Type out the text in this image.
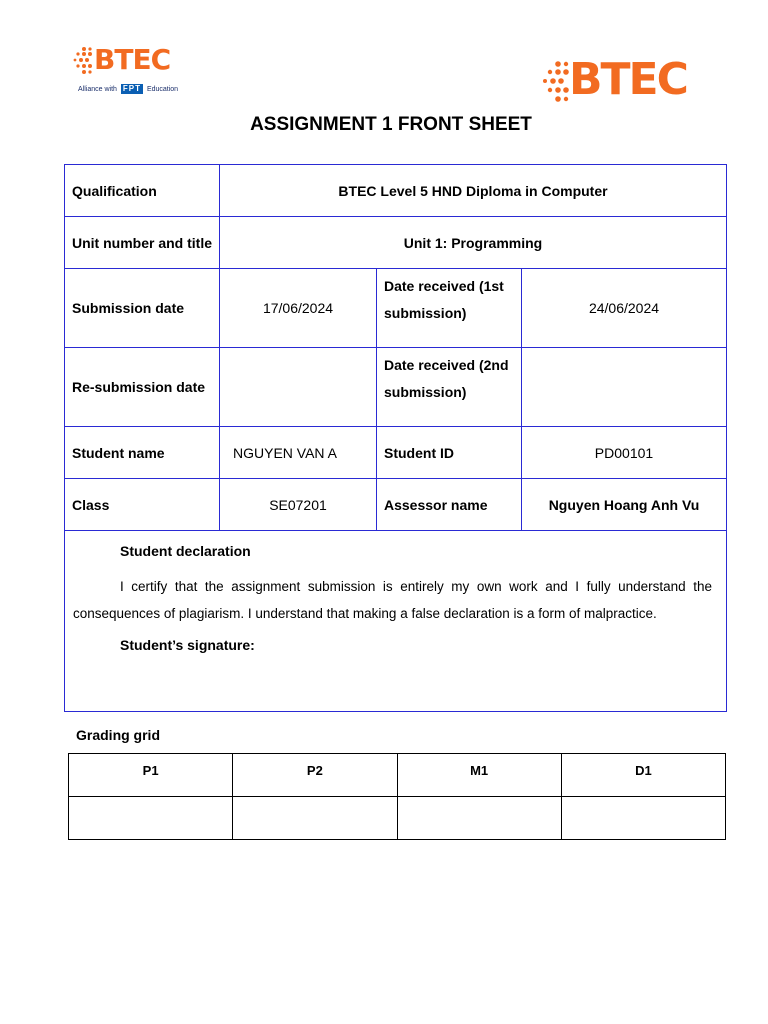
BTEC
Alliance with FPT Education	BTEC
ASSIGNMENT 1 FRONT SHEET
Qualification	BTEC Level 5 HND Diploma in Computer		
Unit number and title	Unit 1: Programming		
Submission date	17/06/2024	Date received (1st submission)	24/06/2024
Re-submission date		Date received (2nd submission)	
Student name	NGUYEN VAN A	Student ID	PD00101
Class	SE07201	Assessor name	Nguyen Hoang Anh Vu

Student declaration
I certify that the assignment submission is entirely my own work and I fully understand the consequences of plagiarism. I understand that making a false declaration is a form of malpractice.
Student’s signature:			
Grading grid
P1	P2	M1	D1
